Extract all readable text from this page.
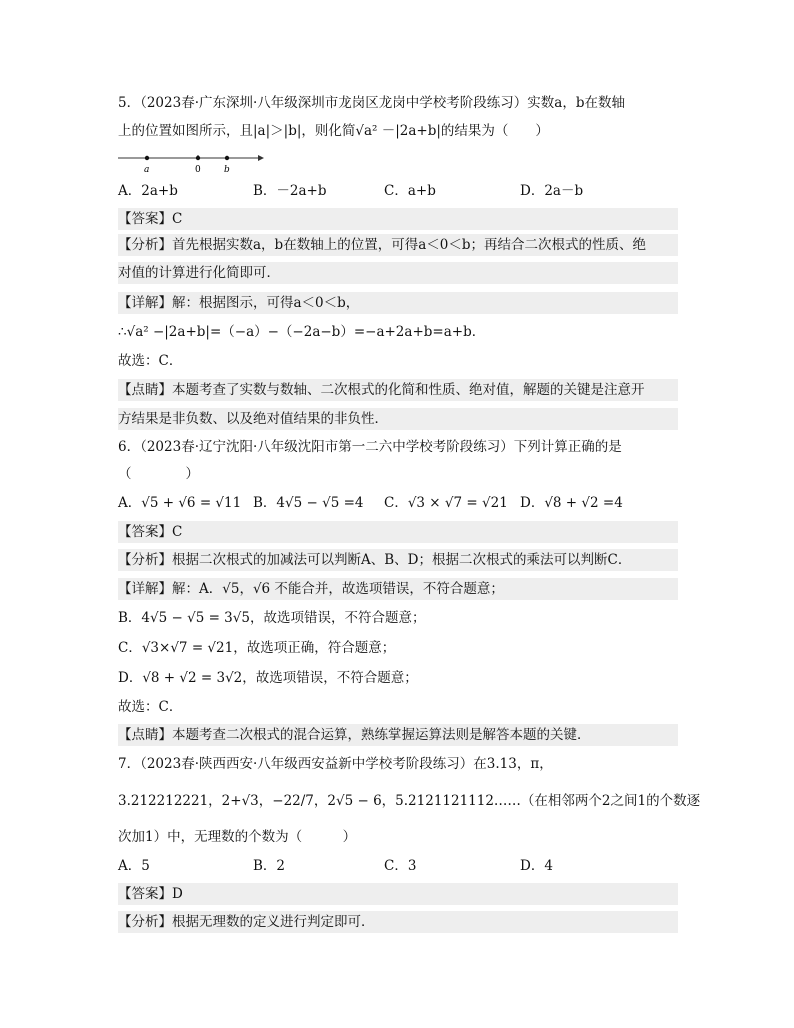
5．（2023春·广东深圳·八年级深圳市龙岗区龙岗中学校考阶段练习）实数a，b在数轴
上的位置如图所示，且|a|＞|b|，则化简√a² －|2a+b|的结果为（　　）
a	0	b
A．2a+b	B．－2a+b	C．a+b	D．2a－b
【答案】C
【分析】首先根据实数a，b在数轴上的位置，可得a＜0＜b；再结合二次根式的性质、绝
对值的计算进行化简即可．
【详解】解：根据图示，可得a＜0＜b，
∴√a² −|2a+b|=（−a）−（−2a−b）=−a+2a+b=a+b．
故选：C．
【点睛】本题考查了实数与数轴、二次根式的化简和性质、绝对值，解题的关键是注意开
方结果是非负数、以及绝对值结果的非负性．
6．（2023春·辽宁沈阳·八年级沈阳市第一二六中学校考阶段练习）下列计算正确的是
（　　　　）
A．√5 + √6 = √11 B．4√5 − √5 =4 C．√3 × √7 = √21 D．√8 + √2 =4
【答案】C
【分析】根据二次根式的加减法可以判断A、B、D；根据二次根式的乘法可以判断C．
【详解】解：A．√5，√6 不能合并，故选项错误，不符合题意；
B．4√5 − √5 = 3√5，故选项错误，不符合题意；
C．√3×√7 = √21，故选项正确，符合题意；
D．√8 + √2 = 3√2，故选项错误，不符合题意；
故选：C．
【点睛】本题考查二次根式的混合运算，熟练掌握运算法则是解答本题的关键．
7．（2023春·陕西西安·八年级西安益新中学校考阶段练习）在3.13，π，
3.212212221，2+√3，−22/7，2√5 − 6，5.2121121112……（在相邻两个2之间1的个数逐
次加1）中，无理数的个数为（　　　）
A．5	B．2	C．3	D．4
【答案】D
【分析】根据无理数的定义进行判定即可．
